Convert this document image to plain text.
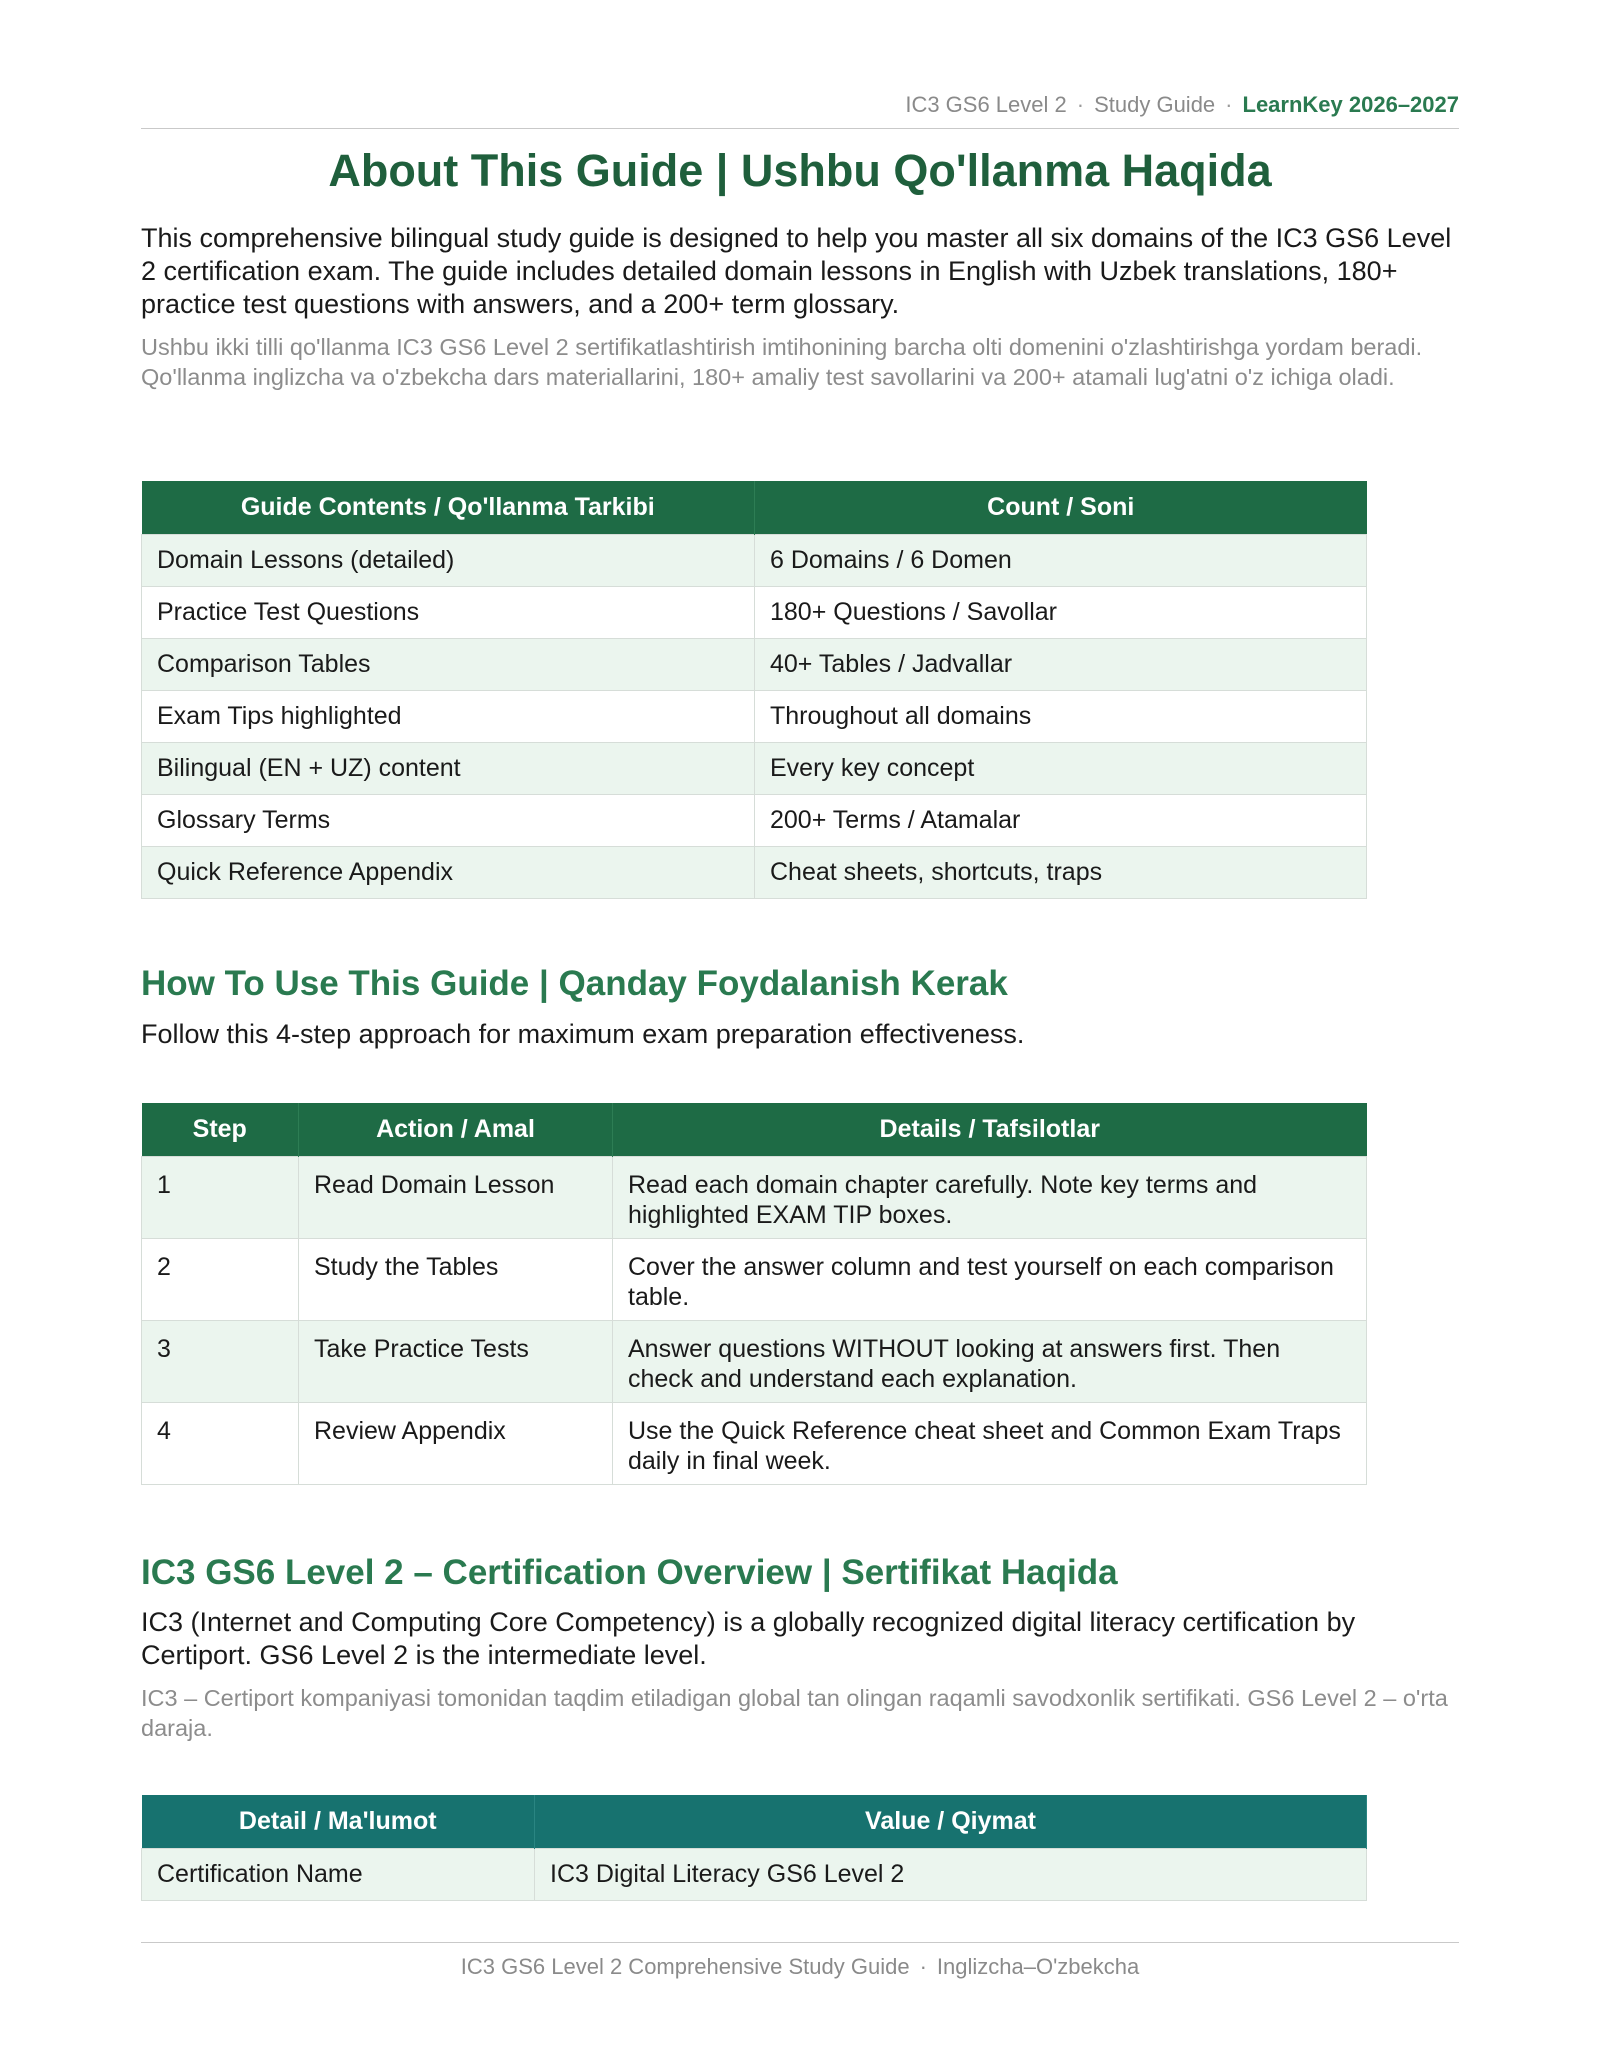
IC3 GS6 Level 2 · Study Guide · LearnKey 2026–2027
About This Guide | Ushbu Qo'llanma Haqida

This comprehensive bilingual study guide is designed to help you master all six domains of the IC3 GS6 Level 2 certification exam. The guide includes detailed domain lessons in English with Uzbek translations, 180+ practice test questions with answers, and a 200+ term glossary.

Ushbu ikki tilli qo'llanma IC3 GS6 Level 2 sertifikatlashtirish imtihonining barcha olti domenini o'zlashtirishga yordam beradi. Qo'llanma inglizcha va o'zbekcha dars materiallarini, 180+ amaliy test savollarini va 200+ atamali lug'atni o'z ichiga oladi.

Guide Contents / Qo'llanma Tarkibi	Count / Soni
Domain Lessons (detailed)	6 Domains / 6 Domen
Practice Test Questions	180+ Questions / Savollar
Comparison Tables	40+ Tables / Jadvallar
Exam Tips highlighted	Throughout all domains
Bilingual (EN + UZ) content	Every key concept
Glossary Terms	200+ Terms / Atamalar
Quick Reference Appendix	Cheat sheets, shortcuts, traps
How To Use This Guide | Qanday Foydalanish Kerak

Follow this 4-step approach for maximum exam preparation effectiveness.

Step	Action / Amal	Details / Tafsilotlar
1	Read Domain Lesson	Read each domain chapter carefully. Note key terms and highlighted EXAM TIP boxes.
2	Study the Tables	Cover the answer column and test yourself on each comparison table.
3	Take Practice Tests	Answer questions WITHOUT looking at answers first. Then check and understand each explanation.
4	Review Appendix	Use the Quick Reference cheat sheet and Common Exam Traps daily in final week.
IC3 GS6 Level 2 – Certification Overview | Sertifikat Haqida

IC3 (Internet and Computing Core Competency) is a globally recognized digital literacy certification by Certiport. GS6 Level 2 is the intermediate level.

IC3 – Certiport kompaniyasi tomonidan taqdim etiladigan global tan olingan raqamli savodxonlik sertifikati. GS6 Level 2 – o'rta daraja.

Detail / Ma'lumot	Value / Qiymat
Certification Name	IC3 Digital Literacy GS6 Level 2
IC3 GS6 Level 2 Comprehensive Study Guide · Inglizcha–O'zbekcha
